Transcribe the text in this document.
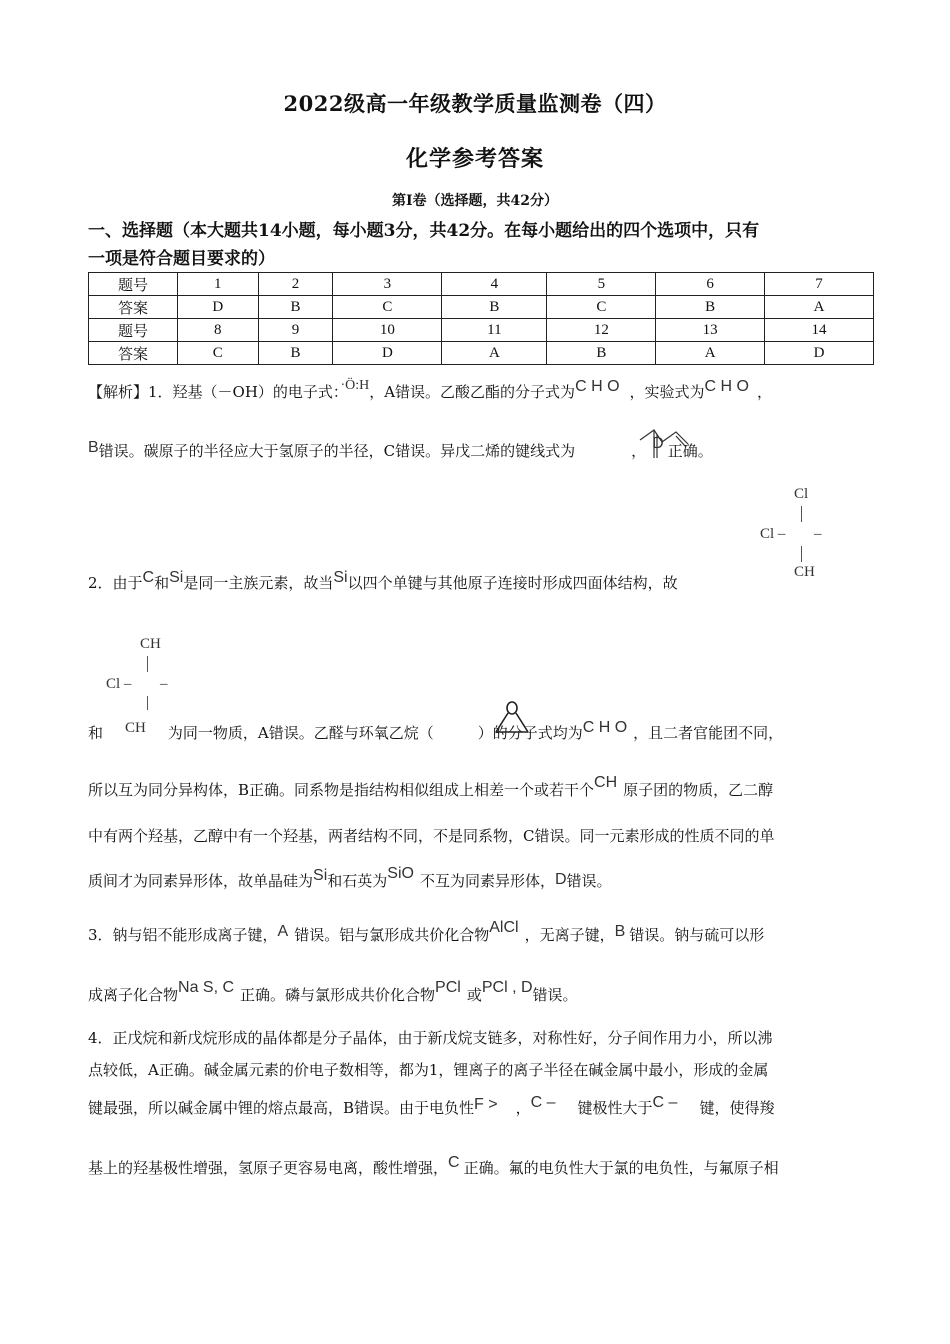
2022级高一年级教学质量监测卷（四）
化学参考答案
第Ⅰ卷（选择题，共42分）
一、选择题（本大题共14小题，每小题3分，共42分。在每小题给出的四个选项中，只有
一项是符合题目要求的）
题号	1	2	3	4	5	6	7
答案	D	B	C	B	C	B	A
题号	8	9	10	11	12	13	14
答案	C	B	D	A	B	A	D
【解析】1．羟基（－OH）的电子式：·Ö:H，A错误。乙酸乙酯的分子式为C H O ，实验式为C H O ，
B错误。碳原子的半径应大于氢原子的半径，C错误。异戊二烯的键线式为	， D 正确。
Cl
Cl – –
CH
2．由于C和Si是同一主族元素，故当Si以四个单键与其他原子连接时形成四面体结构，故
CH
Cl – –
和 CH 为同一物质，A错误。乙醛与环氧乙烷（	）的分子式均为C H O ，且二者官能团不同，
所以互为同分异构体，B正确。同系物是指结构相似组成上相差一个或若干个CH 原子团的物质，乙二醇
中有两个羟基，乙醇中有一个羟基，两者结构不同，不是同系物，C错误。同一元素形成的性质不同的单
质间才为同素异形体，故单晶硅为Si和石英为SiO 不互为同素异形体，D错误。
3．钠与铝不能形成离子键，A 错误。铝与氯形成共价化合物AlCl ，无离子键，B 错误。钠与硫可以形
成离子化合物Na S, C 正确。磷与氯形成共价化合物PCl 或PCl , D错误。
4．正戊烷和新戊烷形成的晶体都是分子晶体，由于新戊烷支链多，对称性好，分子间作用力小，所以沸
点较低，A正确。碱金属元素的价电子数相等，都为1，锂离子的离子半径在碱金属中最小，形成的金属
键最强，所以碱金属中锂的熔点最高，B错误。由于电负性F > ，C – 键极性大于C – 键，使得羧
基上的羟基极性增强，氢原子更容易电离，酸性增强，C 正确。氟的电负性大于氯的电负性，与氟原子相
